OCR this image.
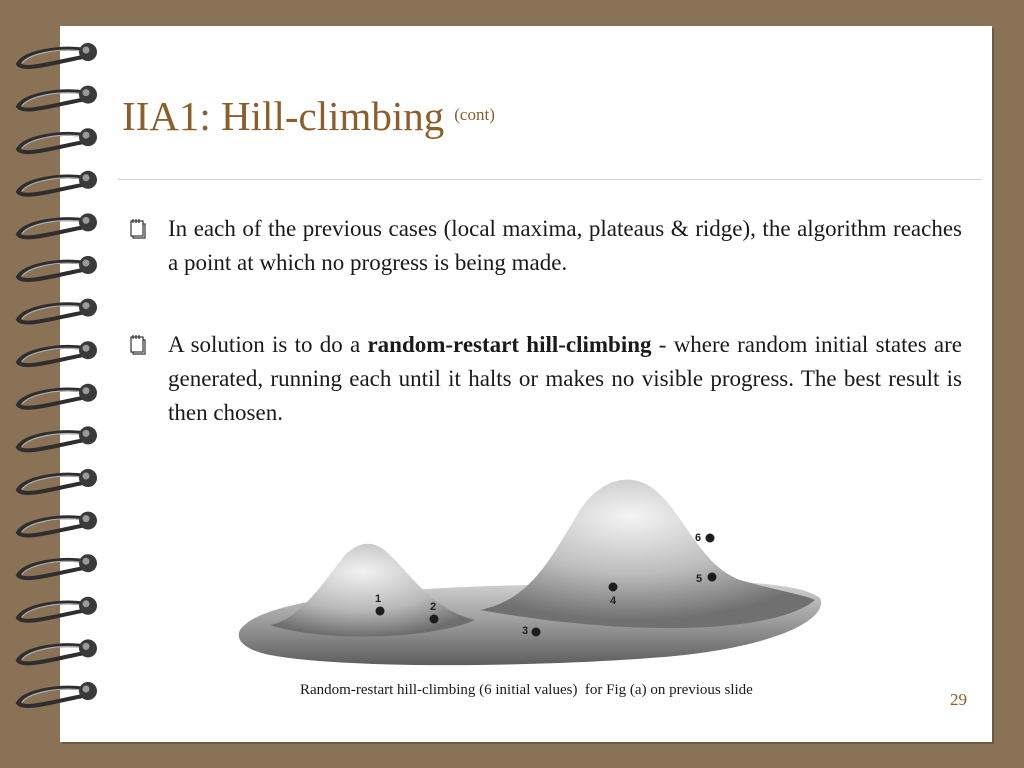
IIA1: Hill-climbing $^{(cont)}$

In each of the previous cases (local maxima, plateaus & ridge), the algorithm reaches a point at which no progress is being made.

A solution is to do a random-restart hill-climbing - where random initial states are generated, running each until it halts or makes no visible progress. The best result is then chosen.

1
2
3
4
5
6
Random-restart hill-climbing (6 initial values)  for Fig (a) on previous slide	29
